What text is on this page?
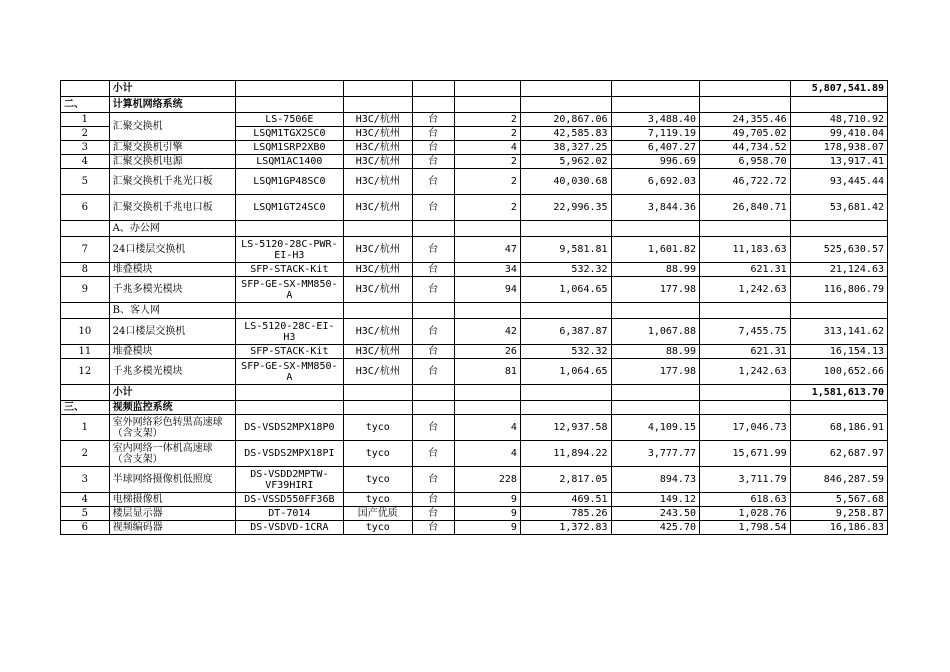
	小计								5,807,541.89
二、	计算机网络系统								
1	汇聚交换机	LS-7506E	H3C/杭州	台	2	20,867.06	3,488.40	24,355.46	48,710.92
2		LSQM1TGX2SC0	H3C/杭州	台	2	42,585.83	7,119.19	49,705.02	99,410.04
3	汇聚交换机引擎	LSQM1SRP2XB0	H3C/杭州	台	4	38,327.25	6,407.27	44,734.52	178,938.07
4	汇聚交换机电源	LSQM1AC1400	H3C/杭州	台	2	5,962.02	996.69	6,958.70	13,917.41
5	汇聚交换机千兆光口板	LSQM1GP48SC0	H3C/杭州	台	2	40,030.68	6,692.03	46,722.72	93,445.44
6	汇聚交换机千兆电口板	LSQM1GT24SC0	H3C/杭州	台	2	22,996.35	3,844.36	26,840.71	53,681.42
	A、办公网								
7	24口楼层交换机	LS-5120-28C-PWR-EI-H3	H3C/杭州	台	47	9,581.81	1,601.82	11,183.63	525,630.57
8	堆叠模块	SFP-STACK-Kit	H3C/杭州	台	34	532.32	88.99	621.31	21,124.63
9	千兆多模光模块	SFP-GE-SX-MM850-A	H3C/杭州	台	94	1,064.65	177.98	1,242.63	116,806.79
	B、客人网								
10	24口楼层交换机	LS-5120-28C-EI-H3	H3C/杭州	台	42	6,387.87	1,067.88	7,455.75	313,141.62
11	堆叠模块	SFP-STACK-Kit	H3C/杭州	台	26	532.32	88.99	621.31	16,154.13
12	千兆多模光模块	SFP-GE-SX-MM850-A	H3C/杭州	台	81	1,064.65	177.98	1,242.63	100,652.66
	小计								1,581,613.70
三、	视频监控系统								
1	室外网络彩色转黑高速球（含支架）	DS-VSDS2MPX18P0	tyco	台	4	12,937.58	4,109.15	17,046.73	68,186.91
2	室内网络一体机高速球（含支架）	DS-VSDS2MPX18PI	tyco	台	4	11,894.22	3,777.77	15,671.99	62,687.97
3	半球网络摄像机低照度	DS-VSDD2MPTW-VF39HIRI	tyco	台	228	2,817.05	894.73	3,711.79	846,287.59
4	电梯摄像机	DS-VSSD550FF36B	tyco	台	9	469.51	149.12	618.63	5,567.68
5	楼层显示器	DT-7014	国产优质	台	9	785.26	243.50	1,028.76	9,258.87
6	视频编码器	DS-VSDVD-1CRA	tyco	台	9	1,372.83	425.70	1,798.54	16,186.83
